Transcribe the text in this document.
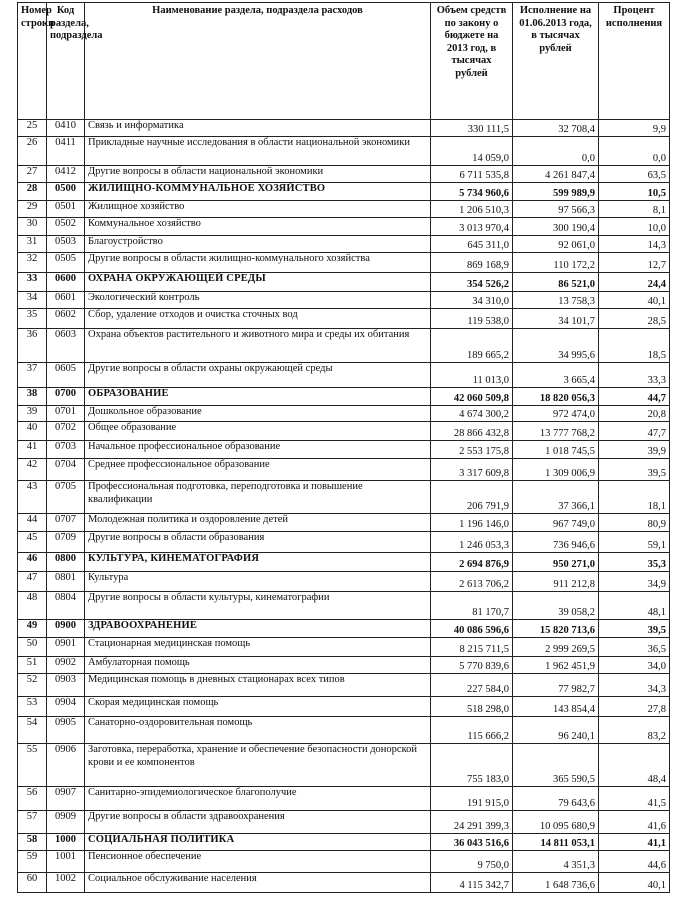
Номер строки	Код раздела, подраздела	Наименование раздела, подраздела расходов	Объем средств по закону о бюджете на 2013 год, в тысячах рублей	Исполнение на 01.06.2013 года, в тысячах рублей	Процент исполнения
25	0410	Связь и информатика	330 111,5	32 708,4	9,9
26	0411	Прикладные научные исследования в области национальной экономики	14 059,0	0,0	0,0
27	0412	Другие вопросы в области национальной экономики	6 711 535,8	4 261 847,4	63,5
28	0500	ЖИЛИЩНО-КОММУНАЛЬНОЕ ХОЗЯЙСТВО	5 734 960,6	599 989,9	10,5
29	0501	Жилищное хозяйство	1 206 510,3	97 566,3	8,1
30	0502	Коммунальное хозяйство	3 013 970,4	300 190,4	10,0
31	0503	Благоустройство	645 311,0	92 061,0	14,3
32	0505	Другие вопросы в области жилищно-коммунального хозяйства	869 168,9	110 172,2	12,7
33	0600	ОХРАНА ОКРУЖАЮЩЕЙ СРЕДЫ	354 526,2	86 521,0	24,4
34	0601	Экологический контроль	34 310,0	13 758,3	40,1
35	0602	Сбор, удаление отходов и очистка сточных вод	119 538,0	34 101,7	28,5
36	0603	Охрана объектов растительного и животного мира и среды их обитания	189 665,2	34 995,6	18,5
37	0605	Другие вопросы в области охраны окружающей среды	11 013,0	3 665,4	33,3
38	0700	ОБРАЗОВАНИЕ	42 060 509,8	18 820 056,3	44,7
39	0701	Дошкольное образование	4 674 300,2	972 474,0	20,8
40	0702	Общее образование	28 866 432,8	13 777 768,2	47,7
41	0703	Начальное профессиональное образование	2 553 175,8	1 018 745,5	39,9
42	0704	Среднее профессиональное образование	3 317 609,8	1 309 006,9	39,5
43	0705	Профессиональная подготовка, переподготовка и повышение квалификации	206 791,9	37 366,1	18,1
44	0707	Молодежная политика и оздоровление детей	1 196 146,0	967 749,0	80,9
45	0709	Другие вопросы в области образования	1 246 053,3	736 946,6	59,1
46	0800	КУЛЬТУРА, КИНЕМАТОГРАФИЯ	2 694 876,9	950 271,0	35,3
47	0801	Культура	2 613 706,2	911 212,8	34,9
48	0804	Другие вопросы в области культуры, кинематографии	81 170,7	39 058,2	48,1
49	0900	ЗДРАВООХРАНЕНИЕ	40 086 596,6	15 820 713,6	39,5
50	0901	Стационарная медицинская помощь	8 215 711,5	2 999 269,5	36,5
51	0902	Амбулаторная помощь	5 770 839,6	1 962 451,9	34,0
52	0903	Медицинская помощь в дневных стационарах всех типов	227 584,0	77 982,7	34,3
53	0904	Скорая медицинская помощь	518 298,0	143 854,4	27,8
54	0905	Санаторно-оздоровительная помощь	115 666,2	96 240,1	83,2
55	0906	Заготовка, переработка, хранение и обеспечение безопасности донорской крови и ее компонентов	755 183,0	365 590,5	48,4
56	0907	Санитарно-эпидемиологическое благополучие	191 915,0	79 643,6	41,5
57	0909	Другие вопросы в области здравоохранения	24 291 399,3	10 095 680,9	41,6
58	1000	СОЦИАЛЬНАЯ ПОЛИТИКА	36 043 516,6	14 811 053,1	41,1
59	1001	Пенсионное обеспечение	9 750,0	4 351,3	44,6
60	1002	Социальное обслуживание населения	4 115 342,7	1 648 736,6	40,1
